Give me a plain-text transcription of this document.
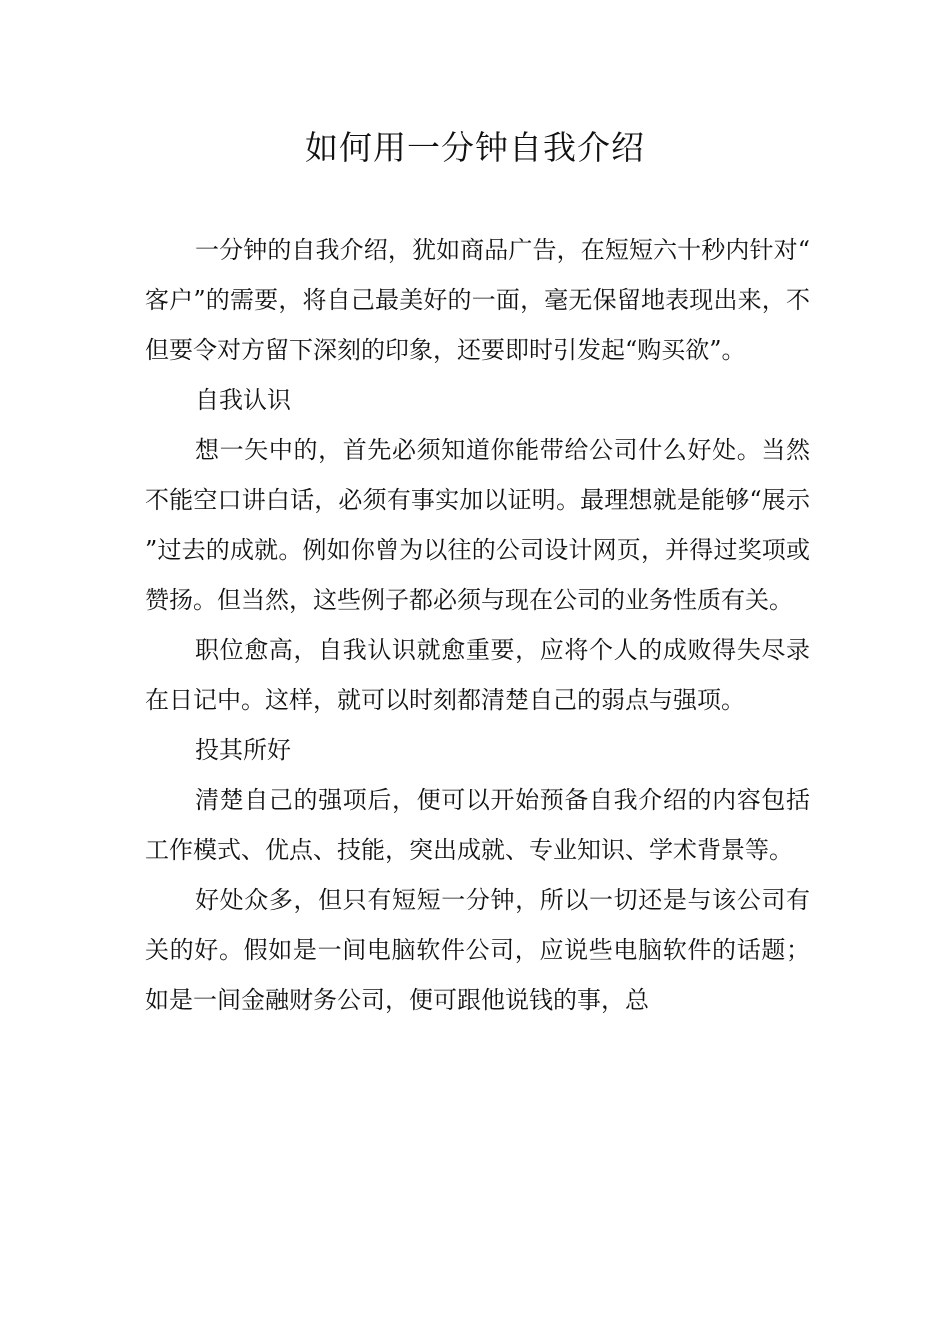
如何用一分钟自我介绍

一分钟的自我介绍，犹如商品广告，在短短六十秒内针对“客户”的需要，将自己最美好的一面，毫无保留地表现出来，不但要令对方留下深刻的印象，还要即时引发起“购买欲”。

自我认识

想一矢中的，首先必须知道你能带给公司什么好处。当然不能空口讲白话，必须有事实加以证明。最理想就是能够“展示”过去的成就。例如你曾为以往的公司设计网页，并得过奖项或赞扬。但当然，这些例子都必须与现在公司的业务性质有关。

职位愈高，自我认识就愈重要，应将个人的成败得失尽录在日记中。这样，就可以时刻都清楚自己的弱点与强项。

投其所好

清楚自己的强项后，便可以开始预备自我介绍的内容包括工作模式、优点、技能，突出成就、专业知识、学术背景等。

好处众多，但只有短短一分钟，所以一切还是与该公司有关的好。假如是一间电脑软件公司，应说些电脑软件的话题；如是一间金融财务公司，便可跟他说钱的事，总
